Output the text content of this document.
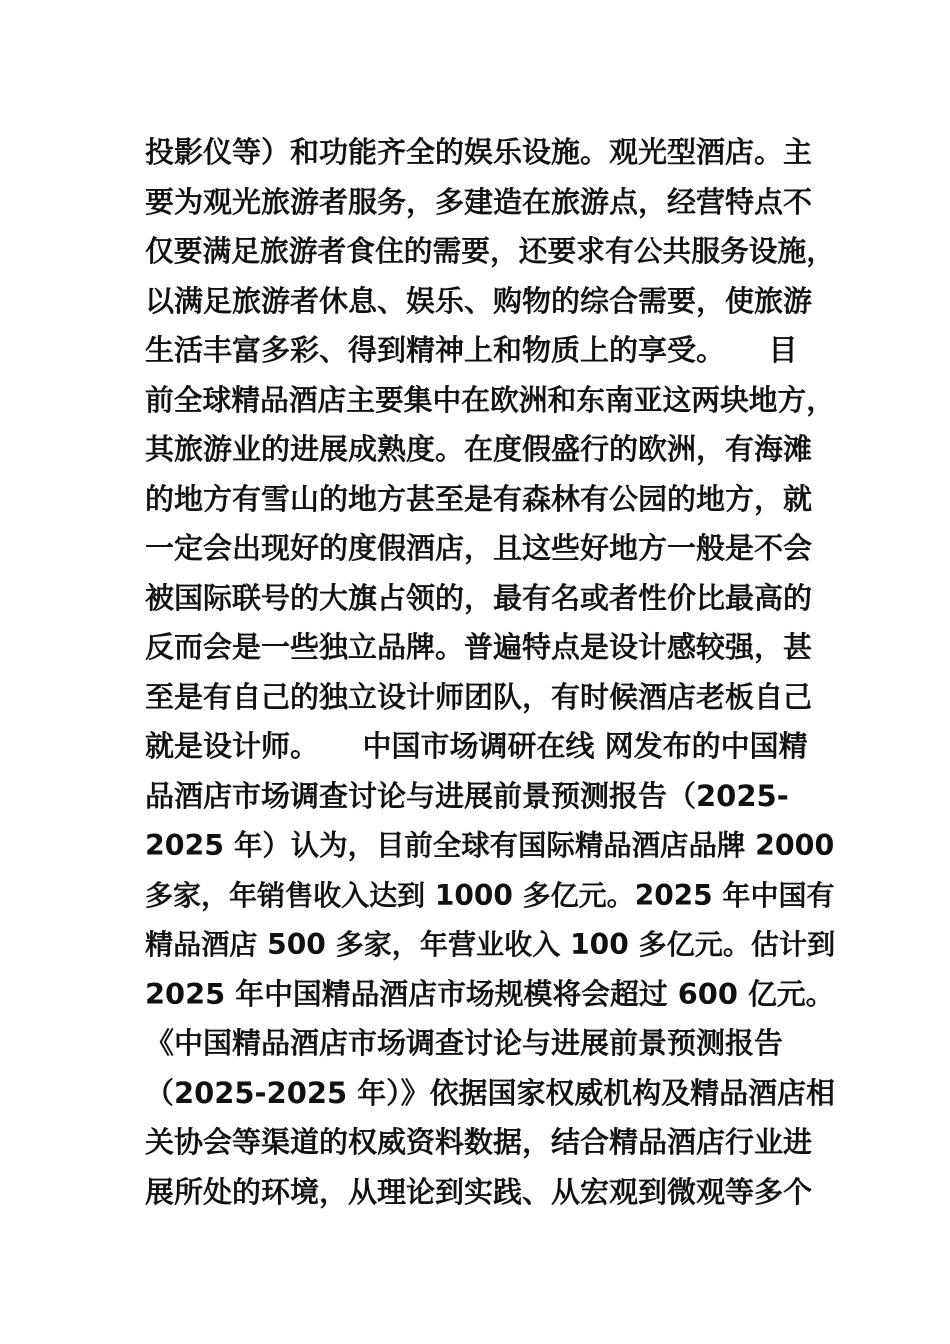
投影仪等）和功能齐全的娱乐设施。观光型酒店。主
要为观光旅游者服务，多建造在旅游点，经营特点不
仅要满足旅游者食住的需要，还要求有公共服务设施，
以满足旅游者休息、娱乐、购物的综合需要，使旅游
生活丰富多彩、得到精神上和物质上的享受。　　目
前全球精品酒店主要集中在欧洲和东南亚这两块地方，
其旅游业的进展成熟度。在度假盛行的欧洲，有海滩
的地方有雪山的地方甚至是有森林有公园的地方，就
一定会出现好的度假酒店，且这些好地方一般是不会
被国际联号的大旗占领的，最有名或者性价比最高的
反而会是一些独立品牌。普遍特点是设计感较强，甚
至是有自己的独立设计师团队，有时候酒店老板自己
就是设计师。　　中国市场调研在线 网发布的中国精
品酒店市场调查讨论与进展前景预测报告（2025-
2025 年）认为，目前全球有国际精品酒店品牌 2000
多家，年销售收入达到 1000 多亿元。2025 年中国有
精品酒店 500 多家，年营业收入 100 多亿元。估计到
2025 年中国精品酒店市场规模将会超过 600 亿元。
《中国精品酒店市场调查讨论与进展前景预测报告
（2025-2025 年）》依据国家权威机构及精品酒店相
关协会等渠道的权威资料数据，结合精品酒店行业进
展所处的环境，从理论到实践、从宏观到微观等多个
